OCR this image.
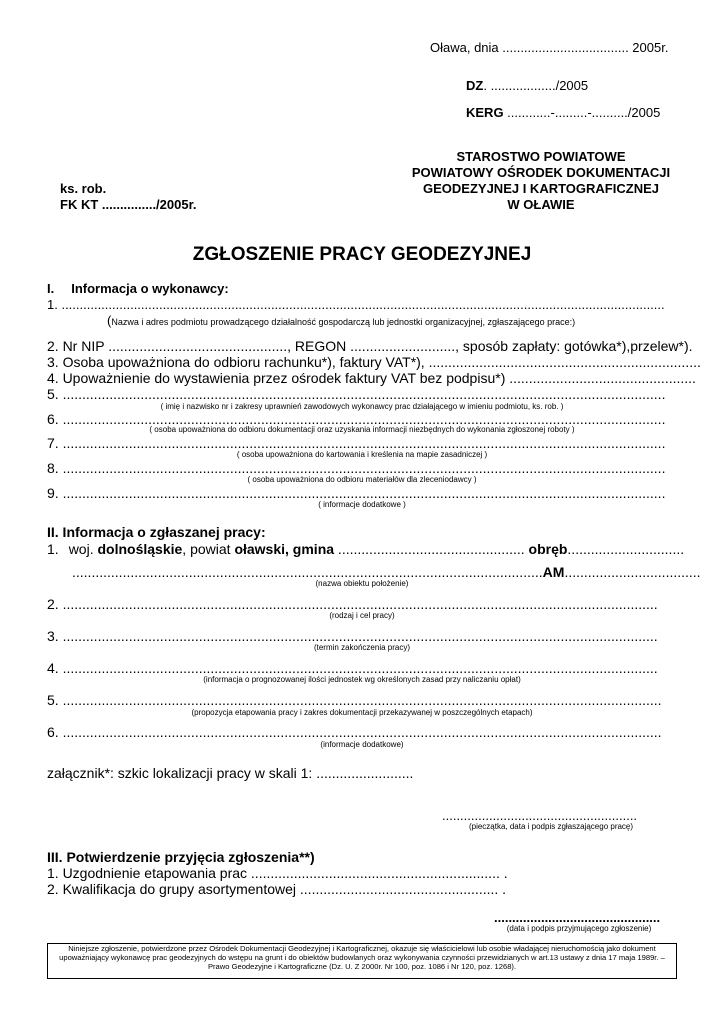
Oława, dnia ................................... 2005r.
DZ. ................../2005
KERG ............-.........-........../2005
STAROSTWO POWIATOWE
POWIATOWY OŚRODEK DOKUMENTACJI
GEODEZYJNEJ I KARTOGRAFICZNEJ
W OŁAWIE
ks. rob.
FK KT .............../2005r.
ZGŁOSZENIE PRACY GEODEZYJNEJ
I. Informacja o wykonawcy:
1. .......................................................................................................................................................................
(Nazwa i adres podmiotu prowadzącego działalność gospodarczą lub jednostki organizacyjnej, zgłaszającego prace:)
2. Nr NIP .............................................., REGON ..........................., sposób zapłaty: gotówka*),przelew*).
3. Osoba upoważniona do odbioru rachunku*), faktury VAT*), ......................................................................
4. Upoważnienie do wystawienia przez ośrodek faktury VAT bez podpisu*) ................................................
5. ...........................................................................................................................................................
( imię i nazwisko nr i zakresy uprawnień zawodowych wykonawcy prac działającego w imieniu podmiotu, ks. rob. )
6. ...........................................................................................................................................................
( osoba upoważniona do odbioru dokumentacji oraz uzyskania informacji niezbędnych do wykonania zgłoszonej roboty )
7. ...........................................................................................................................................................
( osoba upoważniona do kartowania i kreślenia na mapie zasadniczej )
8. ...........................................................................................................................................................
( osoba upoważniona do odbioru materiałów dla zleceniodawcy )
9. ...........................................................................................................................................................
( informacje dodatkowe )
II. Informacja o zgłaszanej pracy:
1. woj. dolnośląskie, powiat oławski, gmina ................................................ obręb..............................
.........................................................................................................................AM...................................
(nazwa obiektu położenie)
2. .........................................................................................................................................................
(rodzaj i cel pracy)
3. .........................................................................................................................................................
(termin zakończenia pracy)
4. .........................................................................................................................................................
(informacja o prognozowanej ilości jednostek wg określonych zasad przy naliczaniu opłat)
5. ..........................................................................................................................................................
(propozycja etapowania pracy i zakres dokumentacji przekazywanej w poszczególnych etapach)
6. ..........................................................................................................................................................
(informacje dodatkowe)
załącznik*: szkic lokalizacji pracy w skali 1: .........................
......................................................
(pieczątka, data i podpis zgłaszającego pracę)
III. Potwierdzenie przyjęcia zgłoszenia**)
1. Uzgodnienie etapowania prac ................................................................ .
2. Kwalifikacja do grupy asortymentowej ................................................... .
..............................................
(data i podpis przyjmującego zgłoszenie)
Niniejsze zgłoszenie, potwierdzone przez Ośrodek Dokumentacji Geodezyjnej i Kartograficznej, okazuje się właścicielowi lub osobie władającej nieruchomością jako dokument upoważniający wykonawcę prac geodezyjnych do wstępu na grunt i do obiektów budowlanych oraz wykonywania czynności przewidzianych w art.13 ustawy z dnia 17 maja 1989r. – Prawo Geodezyjne i Kartograficzne (Dz. U. Z 2000r. Nr 100, poz. 1086 i Nr 120, poz. 1268).
